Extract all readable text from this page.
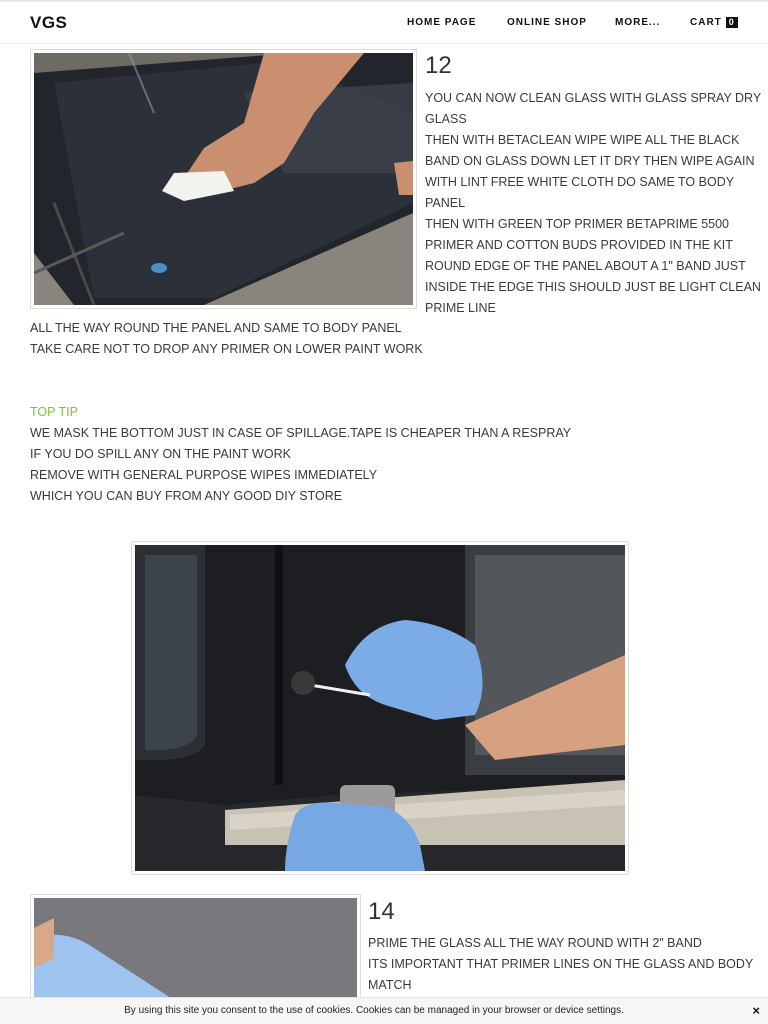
VGS	HOME PAGE	ONLINE SHOP	MORE...	CART 0
12

YOU CAN NOW CLEAN GLASS WITH GLASS SPRAY DRY

GLASS

THEN WITH BETACLEAN WIPE WIPE ALL THE BLACK

BAND ON GLASS DOWN LET IT DRY THEN WIPE AGAIN

WITH LINT FREE WHITE CLOTH DO SAME TO BODY

PANEL

THEN WITH GREEN TOP PRIMER BETAPRIME 5500

PRIMER AND COTTON BUDS PROVIDED IN THE KIT

ROUND EDGE OF THE PANEL ABOUT A 1" BAND JUST

INSIDE THE EDGE THIS SHOULD JUST BE LIGHT CLEAN

PRIME LINE

ALL THE WAY ROUND THE PANEL AND SAME TO BODY PANEL

TAKE CARE NOT TO DROP ANY PRIMER ON LOWER PAINT WORK

TOP TIP

WE MASK THE BOTTOM JUST IN CASE OF SPILLAGE.TAPE IS CHEAPER THAN A RESPRAY

IF YOU DO SPILL ANY ON THE PAINT WORK

REMOVE WITH GENERAL PURPOSE WIPES IMMEDIATELY

WHICH YOU CAN BUY FROM ANY GOOD DIY STORE

14

PRIME THE GLASS ALL THE WAY ROUND WITH 2" BAND

ITS IMPORTANT THAT PRIMER LINES ON THE GLASS AND BODY

MATCH

By using this site you consent to the use of cookies. Cookies can be managed in your browser or device settings.	×
